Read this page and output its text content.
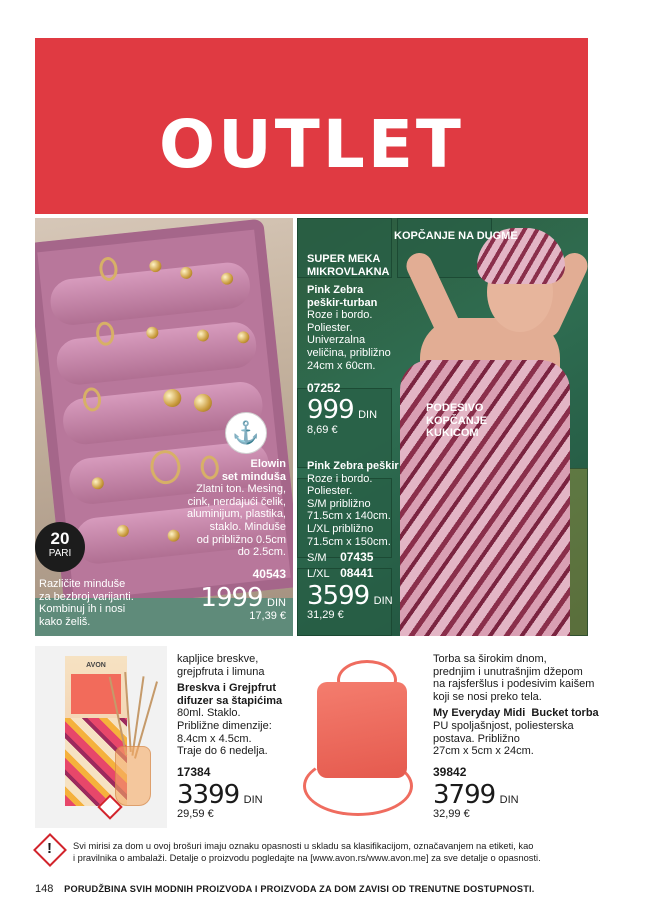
OUTLET
⚓
20
PARI
Različite minduše
za bezbroj varijanti.
Kombinuj ih i nosi
kako želiš.
Elowin
set minduša
Zlatni ton. Mesing,
cink, nerdajući čelik,
aluminijum, plastika,
staklo. Minduše
od približno 0.5cm
do 2.5cm.
40543
1999 DIN
17,39 €
KOPČANJE NA DUGME
SUPER MEKA
MIKROVLAKNA
Pink Zebra
peškir-turban
Roze i bordo.
Poliester.
Univerzalna
veličina, približno
24cm x 60cm.
07252
999 DIN
8,69 €
PODESIVO
KOPČANJE
KUKICOM
Pink Zebra peškir
Roze i bordo.
Poliester.
S/M približno
71.5cm x 140cm.
L/XL približno
71.5cm x 150cm.
S/M 07435
L/XL 08441
3599 DIN
31,29 €
AVON
kapljice breskve,
grejpfruta i limuna
Breskva i Grejpfrut
difuzer sa štapićima
80ml. Staklo.
Približne dimenzije:
8.4cm x 4.5cm.
Traje do 6 nedelja.
17384
3399 DIN
29,59 €
Torba sa širokim dnom,
prednjim i unutrašnjim džepom
na rajsferšlus i podesivim kaišem
koji se nosi preko tela.
My Everyday Midi  Bucket torba
PU spoljašnjost, poliesterska
postava. Približno
27cm x 5cm x 24cm.
39842
3799 DIN
32,99 €
! Svi mirisi za dom u ovoj brošuri imaju oznaku opasnosti u skladu sa klasifikacijom, označavanjem na etiketi, kao
i pravilnika o ambalaži. Detalje o proizvodu pogledajte na [www.avon.rs/www.avon.me] za sve detalje o opasnosti.
148 PORUDŽBINA SVIH MODNIH PROIZVODA I PROIZVODA ZA DOM ZAVISI OD TRENUTNE DOSTUPNOSTI.
